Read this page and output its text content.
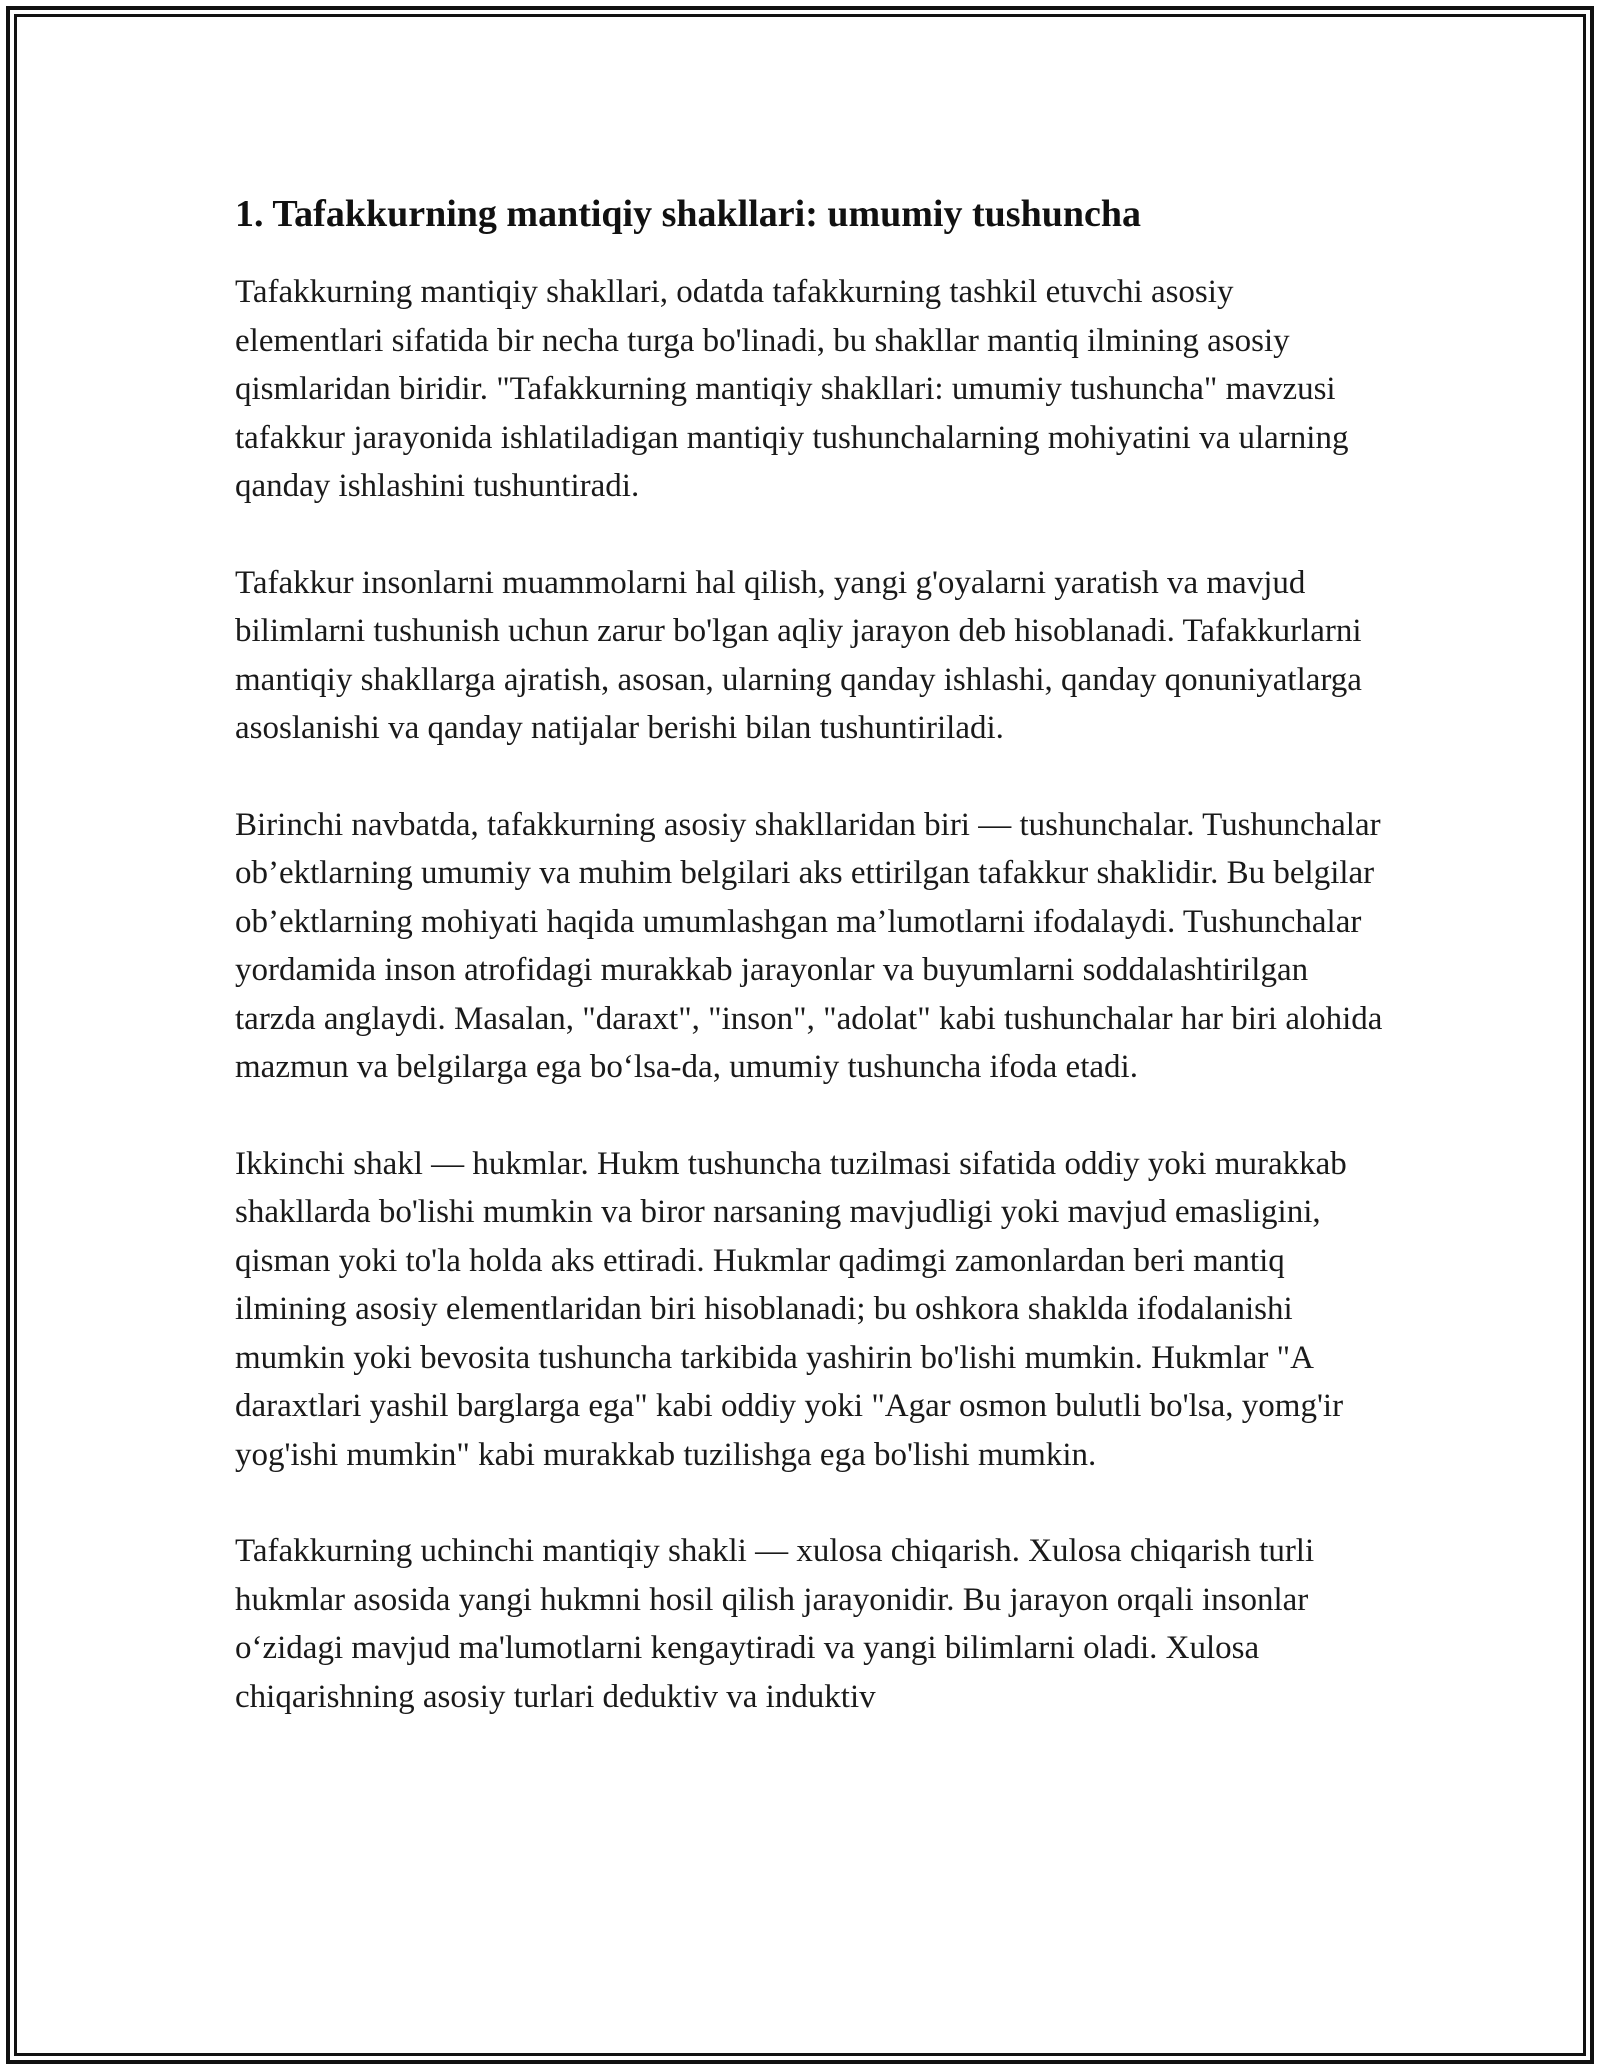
1. Tafakkurning mantiqiy shakllari: umumiy tushuncha

Tafakkurning mantiqiy shakllari, odatda tafakkurning tashkil etuvchi asosiy elementlari sifatida bir necha turga bo'linadi, bu shakllar mantiq ilmining asosiy qismlaridan biridir. "Tafakkurning mantiqiy shakllari: umumiy tushuncha" mavzusi tafakkur jarayonida ishlatiladigan mantiqiy tushunchalarning mohiyatini va ularning qanday ishlashini tushuntiradi.

Tafakkur insonlarni muammolarni hal qilish, yangi g'oyalarni yaratish va mavjud bilimlarni tushunish uchun zarur bo'lgan aqliy jarayon deb hisoblanadi. Tafakkurlarni mantiqiy shakllarga ajratish, asosan, ularning qanday ishlashi, qanday qonuniyatlarga asoslanishi va qanday natijalar berishi bilan tushuntiriladi.

Birinchi navbatda, tafakkurning asosiy shakllaridan biri — tushunchalar. Tushunchalar ob’ektlarning umumiy va muhim belgilari aks ettirilgan tafakkur shaklidir. Bu belgilar ob’ektlarning mohiyati haqida umumlashgan ma’lumotlarni ifodalaydi. Tushunchalar yordamida inson atrofidagi murakkab jarayonlar va buyumlarni soddalashtirilgan tarzda anglaydi. Masalan, "daraxt", "inson", "adolat" kabi tushunchalar har biri alohida mazmun va belgilarga ega bo‘lsa-da, umumiy tushuncha ifoda etadi.

Ikkinchi shakl — hukmlar. Hukm tushuncha tuzilmasi sifatida oddiy yoki murakkab shakllarda bo'lishi mumkin va biror narsaning mavjudligi yoki mavjud emasligini, qisman yoki to'la holda aks ettiradi. Hukmlar qadimgi zamonlardan beri mantiq ilmining asosiy elementlaridan biri hisoblanadi; bu oshkora shaklda ifodalanishi mumkin yoki bevosita tushuncha tarkibida yashirin bo'lishi mumkin. Hukmlar "A daraxtlari yashil barglarga ega" kabi oddiy yoki "Agar osmon bulutli bo'lsa, yomg'ir yog'ishi mumkin" kabi murakkab tuzilishga ega bo'lishi mumkin.

Tafakkurning uchinchi mantiqiy shakli — xulosa chiqarish. Xulosa chiqarish turli hukmlar asosida yangi hukmni hosil qilish jarayonidir. Bu jarayon orqali insonlar o‘zidagi mavjud ma'lumotlarni kengaytiradi va yangi bilimlarni oladi. Xulosa chiqarishning asosiy turlari deduktiv va induktiv
